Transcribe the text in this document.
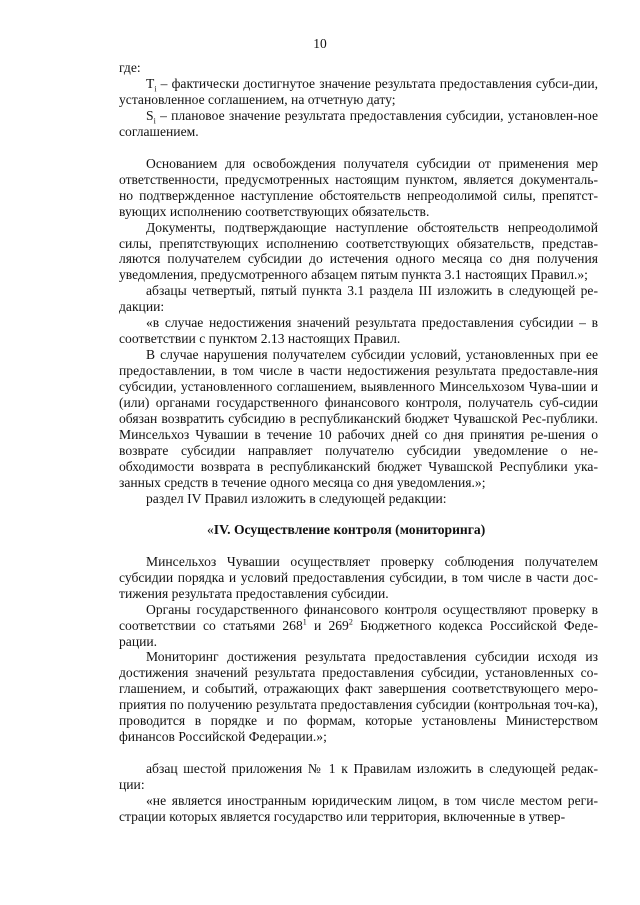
10

где:

$T_i$ – фактически достигнутое значение результата предоставления субси-дии, установленное соглашением, на отчетную дату;

$S_i$ – плановое значение результата предоставления субсидии, установлен-ное соглашением.

Основанием для освобождения получателя субсидии от применения мер ответственности, предусмотренных настоящим пунктом, является документаль-но подтвержденное наступление обстоятельств непреодолимой силы, препятст-вующих исполнению соответствующих обязательств.

Документы, подтверждающие наступление обстоятельств непреодолимой силы, препятствующих исполнению соответствующих обязательств, представ-ляются получателем субсидии до истечения одного месяца со дня получения уведомления, предусмотренного абзацем пятым пункта 3.1 настоящих Правил.»;

абзацы четвертый, пятый пункта 3.1 раздела III изложить в следующей ре-дакции:

«в случае недостижения значений результата предоставления субсидии – в соответствии с пунктом 2.13 настоящих Правил.

В случае нарушения получателем субсидии условий, установленных при ее предоставлении, в том числе в части недостижения результата предоставле-ния субсидии, установленного соглашением, выявленного Минсельхозом Чува-шии и (или) органами государственного финансового контроля, получатель суб-сидии обязан возвратить субсидию в республиканский бюджет Чувашской Рес-публики. Минсельхоз Чувашии в течение 10 рабочих дней со дня принятия ре-шения о возврате субсидии направляет получателю субсидии уведомление о не-обходимости возврата в республиканский бюджет Чувашской Республики ука-занных средств в течение одного месяца со дня уведомления.»;

раздел IV Правил изложить в следующей редакции:

«IV. Осуществление контроля (мониторинга)

Минсельхоз Чувашии осуществляет проверку соблюдения получателем субсидии порядка и условий предоставления субсидии, в том числе в части дос-тижения результата предоставления субсидии.

Органы государственного финансового контроля осуществляют проверку в соответствии со статьями $268^1$ и $269^2$ Бюджетного кодекса Российской Феде-рации.

Мониторинг достижения результата предоставления субсидии исходя из достижения значений результата предоставления субсидии, установленных со-глашением, и событий, отражающих факт завершения соответствующего меро-приятия по получению результата предоставления субсидии (контрольная точ-ка), проводится в порядке и по формам, которые установлены Министерством финансов Российской Федерации.»;

абзац шестой приложения № 1 к Правилам изложить в следующей редак-ции:

«не является иностранным юридическим лицом, в том числе местом реги-страции которых является государство или территория, включенные в утвер-
